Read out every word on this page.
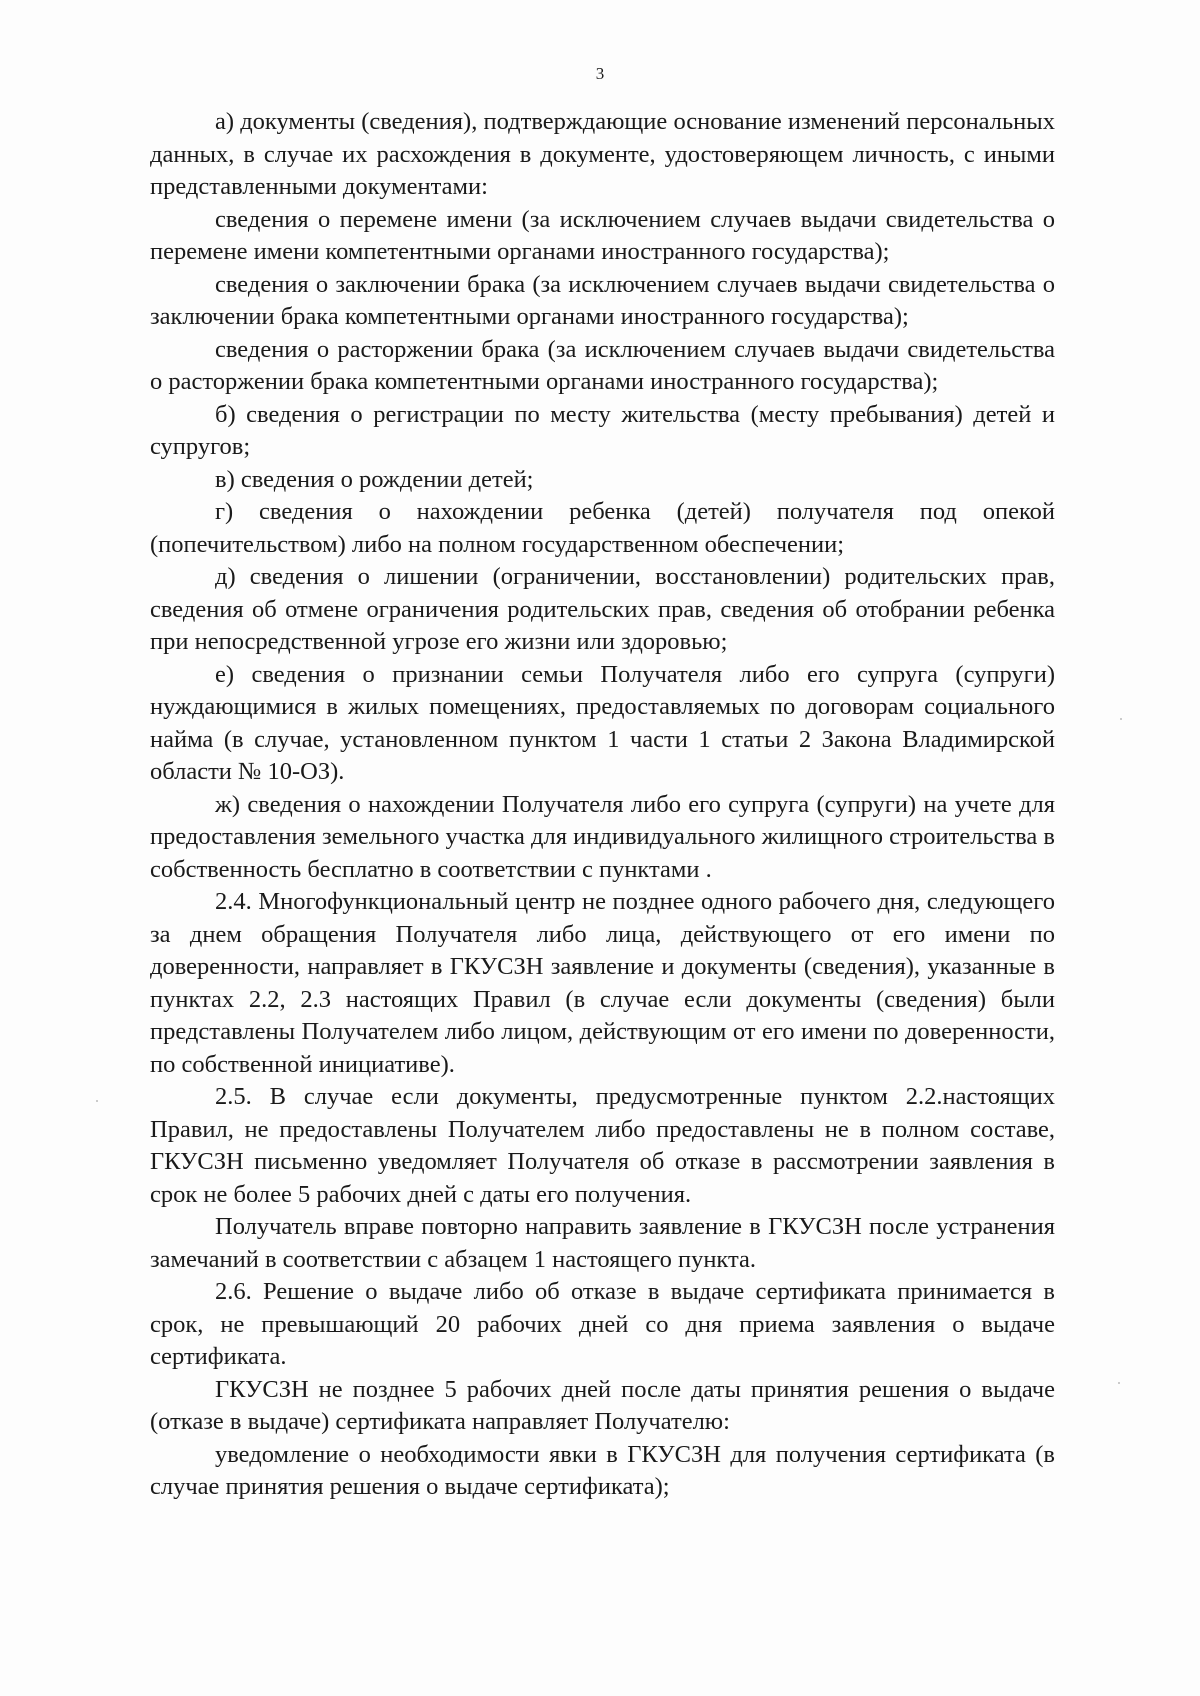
3

а) документы (сведения), подтверждающие основание изменений персональных данных, в случае их расхождения в документе, удостоверяющем личность, с иными представленными документами:

сведения о перемене имени (за исключением случаев выдачи свидетельства о перемене имени компетентными органами иностранного государства);

сведения о заключении брака (за исключением случаев выдачи свидетельства о заключении брака компетентными органами иностранного государства);

сведения о расторжении брака (за исключением случаев выдачи свидетельства о расторжении брака компетентными органами иностранного государства);

б) сведения о регистрации по месту жительства (месту пребывания) детей и супругов;

в) сведения о рождении детей;

г) сведения о нахождении ребенка (детей) получателя под опекой (попечительством) либо на полном государственном обеспечении;

д) сведения о лишении (ограничении, восстановлении) родительских прав, сведения об отмене ограничения родительских прав, сведения об отобрании ребенка при непосредственной угрозе его жизни или здоровью;

е) сведения о признании семьи Получателя либо его супруга (супруги) нуждающимися в жилых помещениях, предоставляемых по договорам социального найма (в случае, установленном пунктом 1 части 1 статьи 2 Закона Владимирской области № 10-ОЗ).

ж) сведения о нахождении Получателя либо его супруга (супруги) на учете для предоставления земельного участка для индивидуального жилищного строительства в собственность бесплатно в соответствии с пунктами .

2.4. Многофункциональный центр не позднее одного рабочего дня, следующего за днем обращения Получателя либо лица, действующего от его имени по доверенности, направляет в ГКУСЗН заявление и документы (сведения), указанные в пунктах 2.2, 2.3 настоящих Правил (в случае если документы (сведения) были представлены Получателем либо лицом, действующим от его имени по доверенности, по собственной инициативе).

2.5. В случае если документы, предусмотренные пунктом 2.2.настоящих Правил, не предоставлены Получателем либо предоставлены не в полном составе, ГКУСЗН письменно уведомляет Получателя об отказе в рассмотрении заявления в срок не более 5 рабочих дней с даты его получения.

Получатель вправе повторно направить заявление в ГКУСЗН после устранения замечаний в соответствии с абзацем 1 настоящего пункта.

2.6. Решение о выдаче либо об отказе в выдаче сертификата принимается в срок, не превышающий 20 рабочих дней со дня приема заявления о выдаче сертификата.

ГКУСЗН не позднее 5 рабочих дней после даты принятия решения о выдаче (отказе в выдаче) сертификата направляет Получателю:

уведомление о необходимости явки в ГКУСЗН для получения сертификата (в случае принятия решения о выдаче сертификата);
